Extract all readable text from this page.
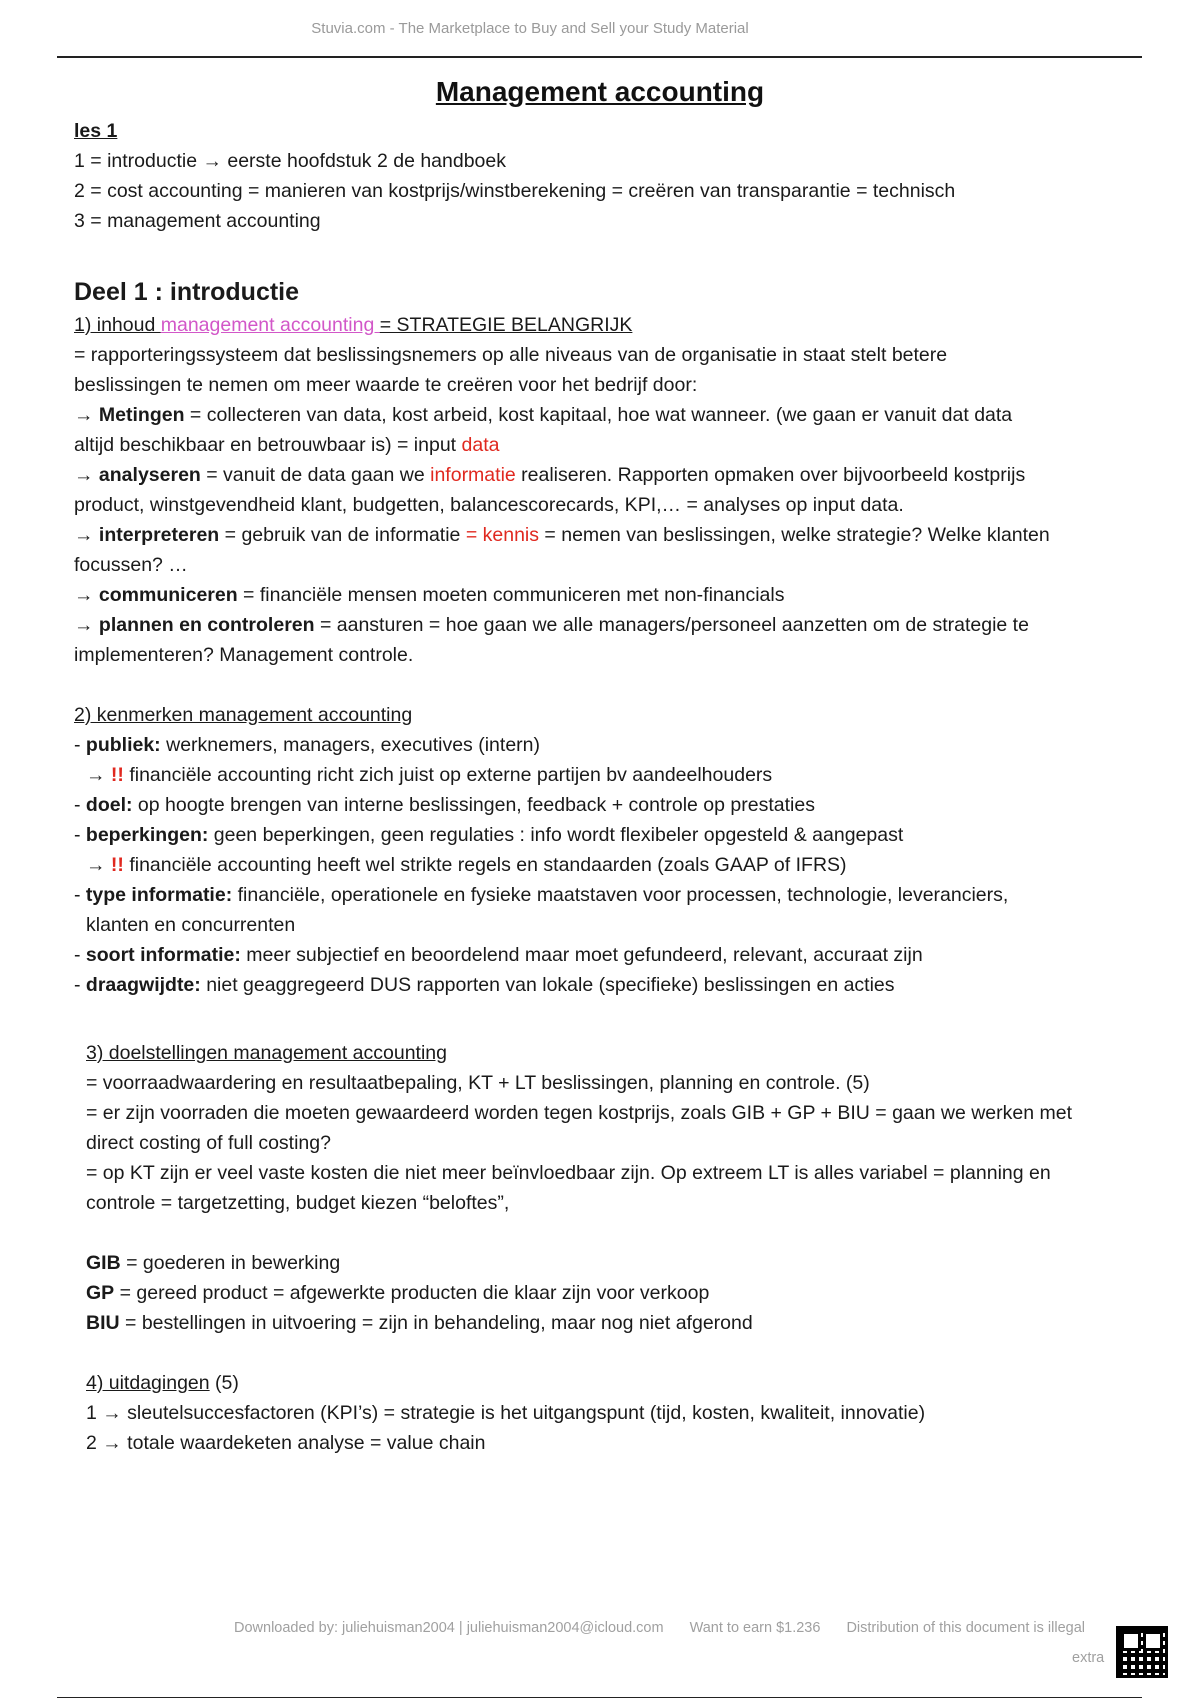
Stuvia.com - The Marketplace to Buy and Sell your Study Material
Management accounting
les 1
1 = introductie → eerste hoofdstuk 2 de handboek
2 = cost accounting = manieren van kostprijs/winstberekening = creëren van transparantie = technisch
3 = management accounting
Deel 1 : introductie
1) inhoud management accounting = STRATEGIE BELANGRIJK
= rapporteringssysteem dat beslissingsnemers op alle niveaus van de organisatie in staat stelt betere
beslissingen te nemen om meer waarde te creëren voor het bedrijf door:
→ Metingen = collecteren van data, kost arbeid, kost kapitaal, hoe wat wanneer. (we gaan er vanuit dat data
altijd beschikbaar en betrouwbaar is) = input data
→ analyseren = vanuit de data gaan we informatie realiseren. Rapporten opmaken over bijvoorbeeld kostprijs
product, winstgevendheid klant, budgetten, balancescorecards, KPI,… = analyses op input data.
→ interpreteren = gebruik van de informatie = kennis = nemen van beslissingen, welke strategie? Welke klanten
focussen? …
→ communiceren = financiële mensen moeten communiceren met non-financials
→ plannen en controleren = aansturen = hoe gaan we alle managers/personeel aanzetten om de strategie te
implementeren? Management controle.
2) kenmerken management accounting
- publiek: werknemers, managers, executives (intern)
→ !! financiële accounting richt zich juist op externe partijen bv aandeelhouders
- doel: op hoogte brengen van interne beslissingen, feedback + controle op prestaties
- beperkingen: geen beperkingen, geen regulaties : info wordt flexibeler opgesteld & aangepast
→ !! financiële accounting heeft wel strikte regels en standaarden (zoals GAAP of IFRS)
- type informatie: financiële, operationele en fysieke maatstaven voor processen, technologie, leveranciers,
klanten en concurrenten
- soort informatie: meer subjectief en beoordelend maar moet gefundeerd, relevant, accuraat zijn
- draagwijdte: niet geaggregeerd DUS rapporten van lokale (specifieke) beslissingen en acties
3) doelstellingen management accounting
= voorraadwaardering en resultaatbepaling, KT + LT beslissingen, planning en controle. (5)
= er zijn voorraden die moeten gewaardeerd worden tegen kostprijs, zoals GIB + GP + BIU = gaan we werken met
direct costing of full costing?
= op KT zijn er veel vaste kosten die niet meer beïnvloedbaar zijn. Op extreem LT is alles variabel = planning en
controle = targetzetting, budget kiezen “beloftes”,
GIB = goederen in bewerking
GP = gereed product = afgewerkte producten die klaar zijn voor verkoop
BIU = bestellingen in uitvoering = zijn in behandeling, maar nog niet afgerond
4) uitdagingen (5)
1 → sleutelsuccesfactoren (KPI’s) = strategie is het uitgangspunt (tijd, kosten, kwaliteit, innovatie)
2 → totale waardeketen analyse = value chain
Downloaded by: juliehuisman2004 | juliehuisman2004@icloud.com Want to earn $1.236 Distribution of this document is illegal
extra
